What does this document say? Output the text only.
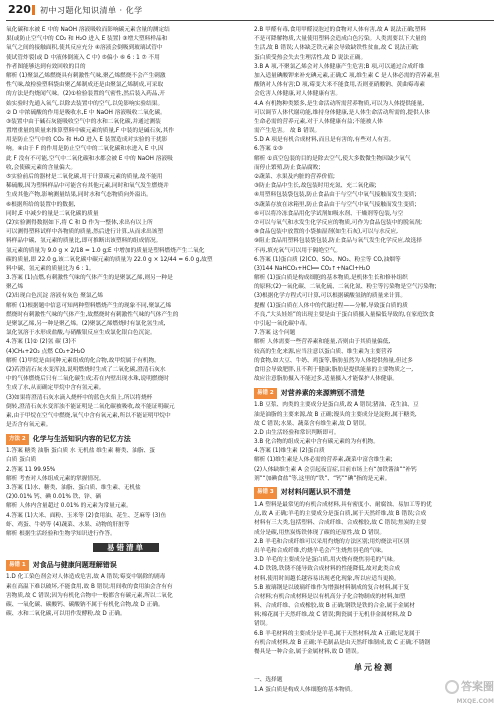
220 初中习题化知识清单 · 化学
氧化碳和水被 E 中的 NaOH 溶液吸收而影响碳元素含量的测定结
果(或防止空气中的 CO₂ 和 H₂O 进入 E 装置) ③增大塑料样品和
氧气之间的接触面积,使其反应充分 ④溶液会倒吸到玻璃试管中
使试管炸裂(或 D 中液体倒流入 C 中) ⑤偏小 ⑥ 6 : 1 ⑦ 不用
作者图能够达到有效回收的目的
解析 (1)聚氯乙烯燃烧具有刺激性气味,聚乙烯燃烧不会产生刺激
性气味,故检验塑料袋由聚乙烯制成还是由聚氯乙烯制成,可采取
的方法是灼烧闻气味。(2)①检验装置的气密性,然后装入药品,开
始实验时先通入氧气,以除去装置中的空气,以免影响实验结果。
② D 中浓硫酸的作用是吸收水,E 中 NaOH 溶液吸收二氧化碳。
③装置中由于碱石灰能吸收空气中的水和二氧化碳,并通过测装
置增重量的质量来推算塑料中碳元素的质量,F 中装的是碱石灰,其作
用是防止空气中的 CO₂ 和 H₂O 进入 E 装置造成对实验的干扰影
响。④由于 F 的作用是防止空气中的二氧化碳和水进入 E 中,因
此 F 没有不可能,空气中二氧化碳和水都会被 E 中的 NaOH 溶液吸
收,会使碳元素的含量偏大。
⑤实验前后的器材是二氧化碳,用于计算碳元素的质量,故不能用
稀硫酸,因为塑料样品中可能含有其他元素,同时和氧气发生燃烧并
生成其他产物,影响测量结果,同时水和气态物质向外溢出。
⑥根据所给的装置中的数据,
同时,E 中减少的量是二氧化碳的质量
(2)实验测得数据如下,将 C 和 D 作为一整体,求出有以上所
可以测得塑料试样中各物质的质量,然后进行计算,从而求出该塑
料样品中碳、氢元素的质量比,即可推断出该塑料的组成情况。
氢元素的质量为 9.0 g × 2/18 = 1.0 g;E 中增加的质量是塑料燃烧产生二氧化
碳的质量,即 22.0 g,该二氧化碳中碳元素的质量为 22.0 g × 12/44 = 6.0 g,故塑
料中碳、氢元素的质量比为 6 : 1。
3.答案 (1)点燃,有刺激性气味的气体产生的是聚氯乙烯,则另一种是
聚乙烯
(2)出现白色沉淀 溶液有灰色 聚氯乙烯
解析 (1)根据题中信息可知两种塑料燃烧产生的现象不同,聚氯乙烯
燃烧时有刺激性气味的气体产生,故燃烧时有刺激性气味的气体产生的
是聚氯乙烯,另一种是聚乙烯。(2)聚氯乙烯燃烧时有氯化氢生成,
氯化氢溶于水形成盐酸,与硝酸银反应生成氯化银白色沉淀。
4.答案 (1)② (2)氢 碳 (3)不
(4)CH₄+2O₂ 点燃 CO₂+2H₂O
解析 (1)甲烷是由同种元素组成的化合物,故甲烷属于有机物。
(2)若澄清石灰水变浑浊,说明燃烧时生成了二氧化碳,澄清石灰水
中的气体燃烧后只有二氧化碳生成;若在内壁出现水珠,说明燃烧时
生成了水,从而确定甲烷中含有氢元素。
(3)如果将澄清石灰水滴入烧杯中的蓝色火焰上,所以将烧杯
倒转,澄清石灰水变浑浊不能证明是二氧化碳被吸收,故不能证明碳元
素,由于甲烷在空气中燃烧,氧气中含有氧元素,所以不能证明甲烷中
是否含有氧元素。
方法 2	化学与生活知识内容的记忆方法
1.答案 糖类 油脂 蛋白质 水 无机盐 维生素 糖类、油脂、蛋
白质 蛋白质
2.答案 11 99.95%
解析 考查对人体组成元素的掌握情况。
3.答案 (1)水、糖类、油脂、蛋白质、维生素、无机盐
(2)0.01% 钙、碘 0.01% 铁、锌、硒
解析 人体内含量超过 0.01% 的元素为常量元素。
4.答案 (1)大米、面粉、玉米等 (2)食用油、花生、芝麻等 (3)鱼
虾、鸡蛋、牛奶等 (4)蔬菜、水果、动物的肝脏等
解析 根据生活经验和生物学知识进行作答。
易错清单
易错 1	对食品与健康问题理解错误
1.D 化工染色剂会对人体造成危害,故 A 错误;霉变中锅除的剧毒
素在高温下难以破坏,不能食用,故 B 错误;用间收的食用油会含有有
害物质,故 C 错误;因为有机化合物中一般都含有碳元素,所以二氧化
碳、一氧化碳、碳酸钙、碳酸钠不属于有机化合物,故 D 正确。
碳、水和二氧化碳,可以用作发酵粉,故 D 正确。
2.B 甲醛有毒,食用甲醛浸泡过的食物对人体有害,故 A 说法正确;塑料
不是可降解物质,大量使用塑料会造成白色污染。人类需要以下大量的
生活,故 B 错误;人体缺乏铁元素会导致缺铁性贫血,故 C 说法正确;
蛋白质受热会失去生理活性,故 D 说法正确。
3.B A 项,不聚氯乙烯会对人体健康产生危害;B 项,可以通过合成纤维
加入适量碘酸钾来补充碘元素,正确;C 项,维生素 C 是人体必需的营养素,但
酸钠对人体有害;D 项,霉变大米不能食用,否则亚硝酸钠、黄曲霉毒素
会危害人体健康,对人体健康有害。
4.A 有机物种类繁多,是生命活动所需营养物质,可以为人体提供能量,
可以调节人体代谢功能,维持身体健康,是人体生命活动所需的,提供人体
生命必需的营养元素,对于人体健康有益;不能被人体
需产生危害。 故 B 错误。
5.D A 项是有机合成材料,而且是有害的,有些对人有害。
6.答案 ①③
解析 ①真空包装的目的是除去空气,使大多数微生物因缺少氧气
而停止繁殖,防止食品腐败;
②蔬菜、水果及内脏的营养价值;
③防止食品中生长,故包装时用充氮、充二氧化碳;
④用塑料包装袋包装,防止食品由于与空气中氧气接触而发生变质;
⑤蔬菜存放在冰箱里,防止食品由于与空气中氧气接触而发生变质;
⑥可以将冷冻食品用化学试剂如吸水剂、干燥剂等包装,与空
⑦可以与氧气和水发生化学反应的物质,可作为食品包装中的脱氧剂;
⑧食品包装中放置的小袋抽湿剂(如生石灰),可以与水反应,
⑨阻止食品用塑料包装袋包装,防止食品与氧气发生化学反应,故选择
不再,填充氧气可以用于隔绝空气。
6.答案 (1)蛋白质 (2)CO、SO₂、NO₂、粉尘等 CO,油烟等
(3)144 NaHCO₃+HCl══ CO₂↑+NaCl+H₂O
解析 (1)蛋白质是构成细胞的基本物质,是机体生长和修补组织
的原料;(2)一氧化碳、二氧化硫、二氧化氮、粉尘等污染物是空气污染物;
(3)根据化学方程式可计算,可以根据碳酸氢钠的质量来计算。
提醒 (1)蛋白质在人体中的代谢过程——分解,导致蛋白质的质
不良,“大头娃娃”的出现主要是由于蛋白质摄入量偏低导致的,在家庭饮食
中引起一氧化碳中毒。
7.答案 这个问题
解析 人体需要一些营养素和能量,否则由于其质量偏低,
较高的生化来源,应当注意以蛋白质、维生素为主要营养
的食物,如大豆、牛奶、鸡蛋等,脂肪虽然为人体提供热量,但过多
食用会导致肥胖,且不利于健康;脂肪是提供能量的主要物质之一,
故应注意脂肪摄入不能过多,适量摄入才能保护人体健康。
易错 2	对营养素的来源辨别不清楚
1.B 豆浆、肉类的主要成分是蛋白质,故 A 错误;猪油、花生油、豆
油是油脂的主要来源,故 B 正确;馒头的主要成分是淀粉,属于糖类,
故 C 错误;水果、蔬菜含有维生素,故 D 错误。
2.D 由生活经验和常识判断即可。
3.B 化合物的组成元素中含有碳元素的为有机物。
4.答案 (1)维生素 (2)蛋白质
解析 (1)维生素是人体必需的营养素,蔬菜中富含维生素;
(2)人体缺维生素 A 会引起夜盲症,目前市场上有“加铁酱油”“补钙
剂”“加碘食盐”等,这里的“铁”、“钙”“碘”指的是元素。
易错 3	对材料问题认识不清楚
1.A 塑料是最常见的有机合成材料,具有密度小、耐腐蚀、易加工等的优
点,故 A 正确;羊毛的主要成分是蛋白质,属于天然纤维,故 B 错误;合成
材料有三大类,包括塑料、合成纤维、合成橡胶,故 C 错误;焦炭的主要
成分是碳,用焦炭炼铁体现了碳的还原性,故 D 错误。
2.B 羊毛和合成纤维可以采用灼烧的方法区别;用灼烧法可区别
出羊毛和合成纤维,灼烧羊毛会产生烧焦羽毛的气味。
3.D 羊毛的主要成分是蛋白质,用火烧有烧焦羽毛的气味。
4.D 铁锈,铁锈不能导致合成材料的性能降低,故对此类合成
材料,使用时间越长越容易出现老化现象,所以应适当更换。
5.B 玻璃钢是以玻璃纤维作为增强材料制成的复合材料,属于复
合材料;有机合成材料是以有机高分子化合物制成的材料,如塑
料、合成纤维、合成橡胶,故 B 正确;钢铁是铁的合金,属于金属材
料;棉花属于天然纤维,故 C 错误;陶瓷属于无机非金属材料,故 D
错误。
6.B 羊毛材料的主要成分是羊毛,属于天然材料,故 A 正确;尼龙属于
有机合成材料,故 B 正确;羊毛制品是由天然纤维制成,故 C 正确;不锈钢
餐具是一种合金,属于金属材料,故 D 错误。
单元检测
一、选择题
1.A 蛋白质是构成人体细胞的基本物质。	答案圈
MXQE.COM
